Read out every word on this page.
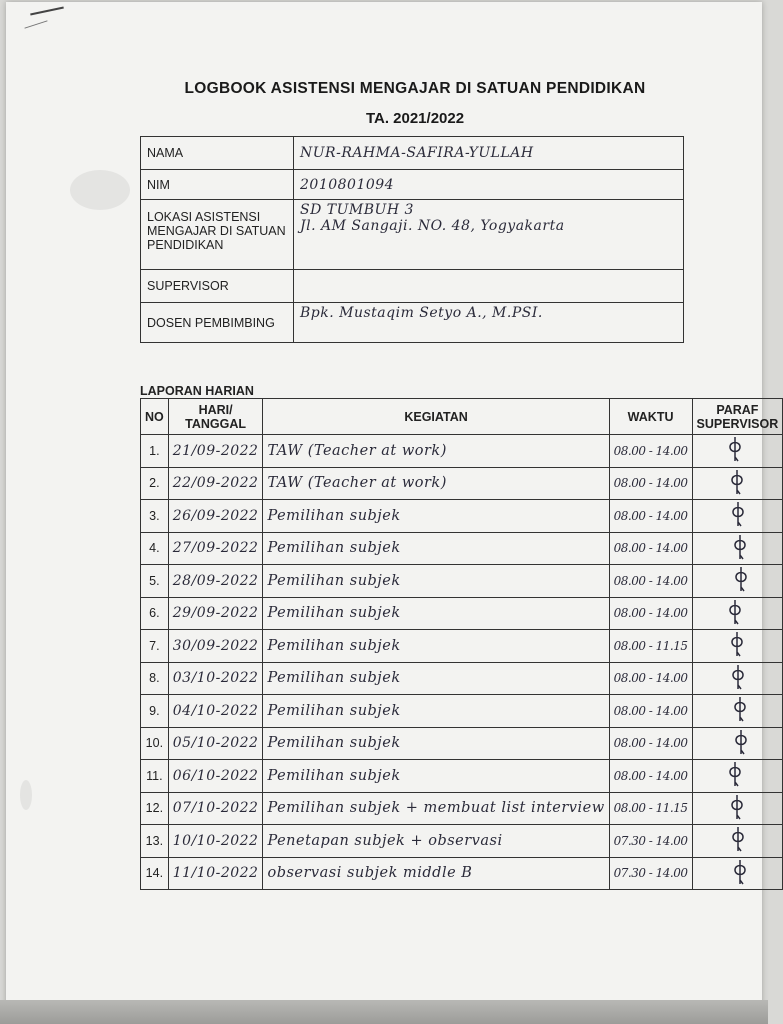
LOGBOOK ASISTENSI MENGAJAR DI SATUAN PENDIDIKAN
TA. 2021/2022
NAMA	NUR-RAHMA-SAFIRA-YULLAH
NIM	2010801094
LOKASI ASISTENSI MENGAJAR DI SATUAN PENDIDIKAN	SD TUMBUH 3
Jl. AM Sangaji. NO. 48, Yogyakarta

SUPERVISOR	
DOSEN PEMBIMBING	Bpk. Mustaqim Setyo A., M.PSI.
LAPORAN HARIAN
NO	HARI/ TANGGAL	KEGIATAN	WAKTU	PARAF SUPERVISOR
1.	21/09-2022	TAW (Teacher at work)	08.00 - 14.00	
2.	22/09-2022	TAW (Teacher at work)	08.00 - 14.00	
3.	26/09-2022	Pemilihan subjek	08.00 - 14.00	
4.	27/09-2022	Pemilihan subjek	08.00 - 14.00	
5.	28/09-2022	Pemilihan subjek	08.00 - 14.00	
6.	29/09-2022	Pemilihan subjek	08.00 - 14.00	
7.	30/09-2022	Pemilihan subjek	08.00 - 11.15	
8.	03/10-2022	Pemilihan subjek	08.00 - 14.00	
9.	04/10-2022	Pemilihan subjek	08.00 - 14.00	
10.	05/10-2022	Pemilihan subjek	08.00 - 14.00	
11.	06/10-2022	Pemilihan subjek	08.00 - 14.00	
12.	07/10-2022	Pemilihan subjek + membuat list interview	08.00 - 11.15	
13.	10/10-2022	Penetapan subjek + observasi	07.30 - 14.00	
14.	11/10-2022	observasi subjek middle B	07.30 - 14.00	
